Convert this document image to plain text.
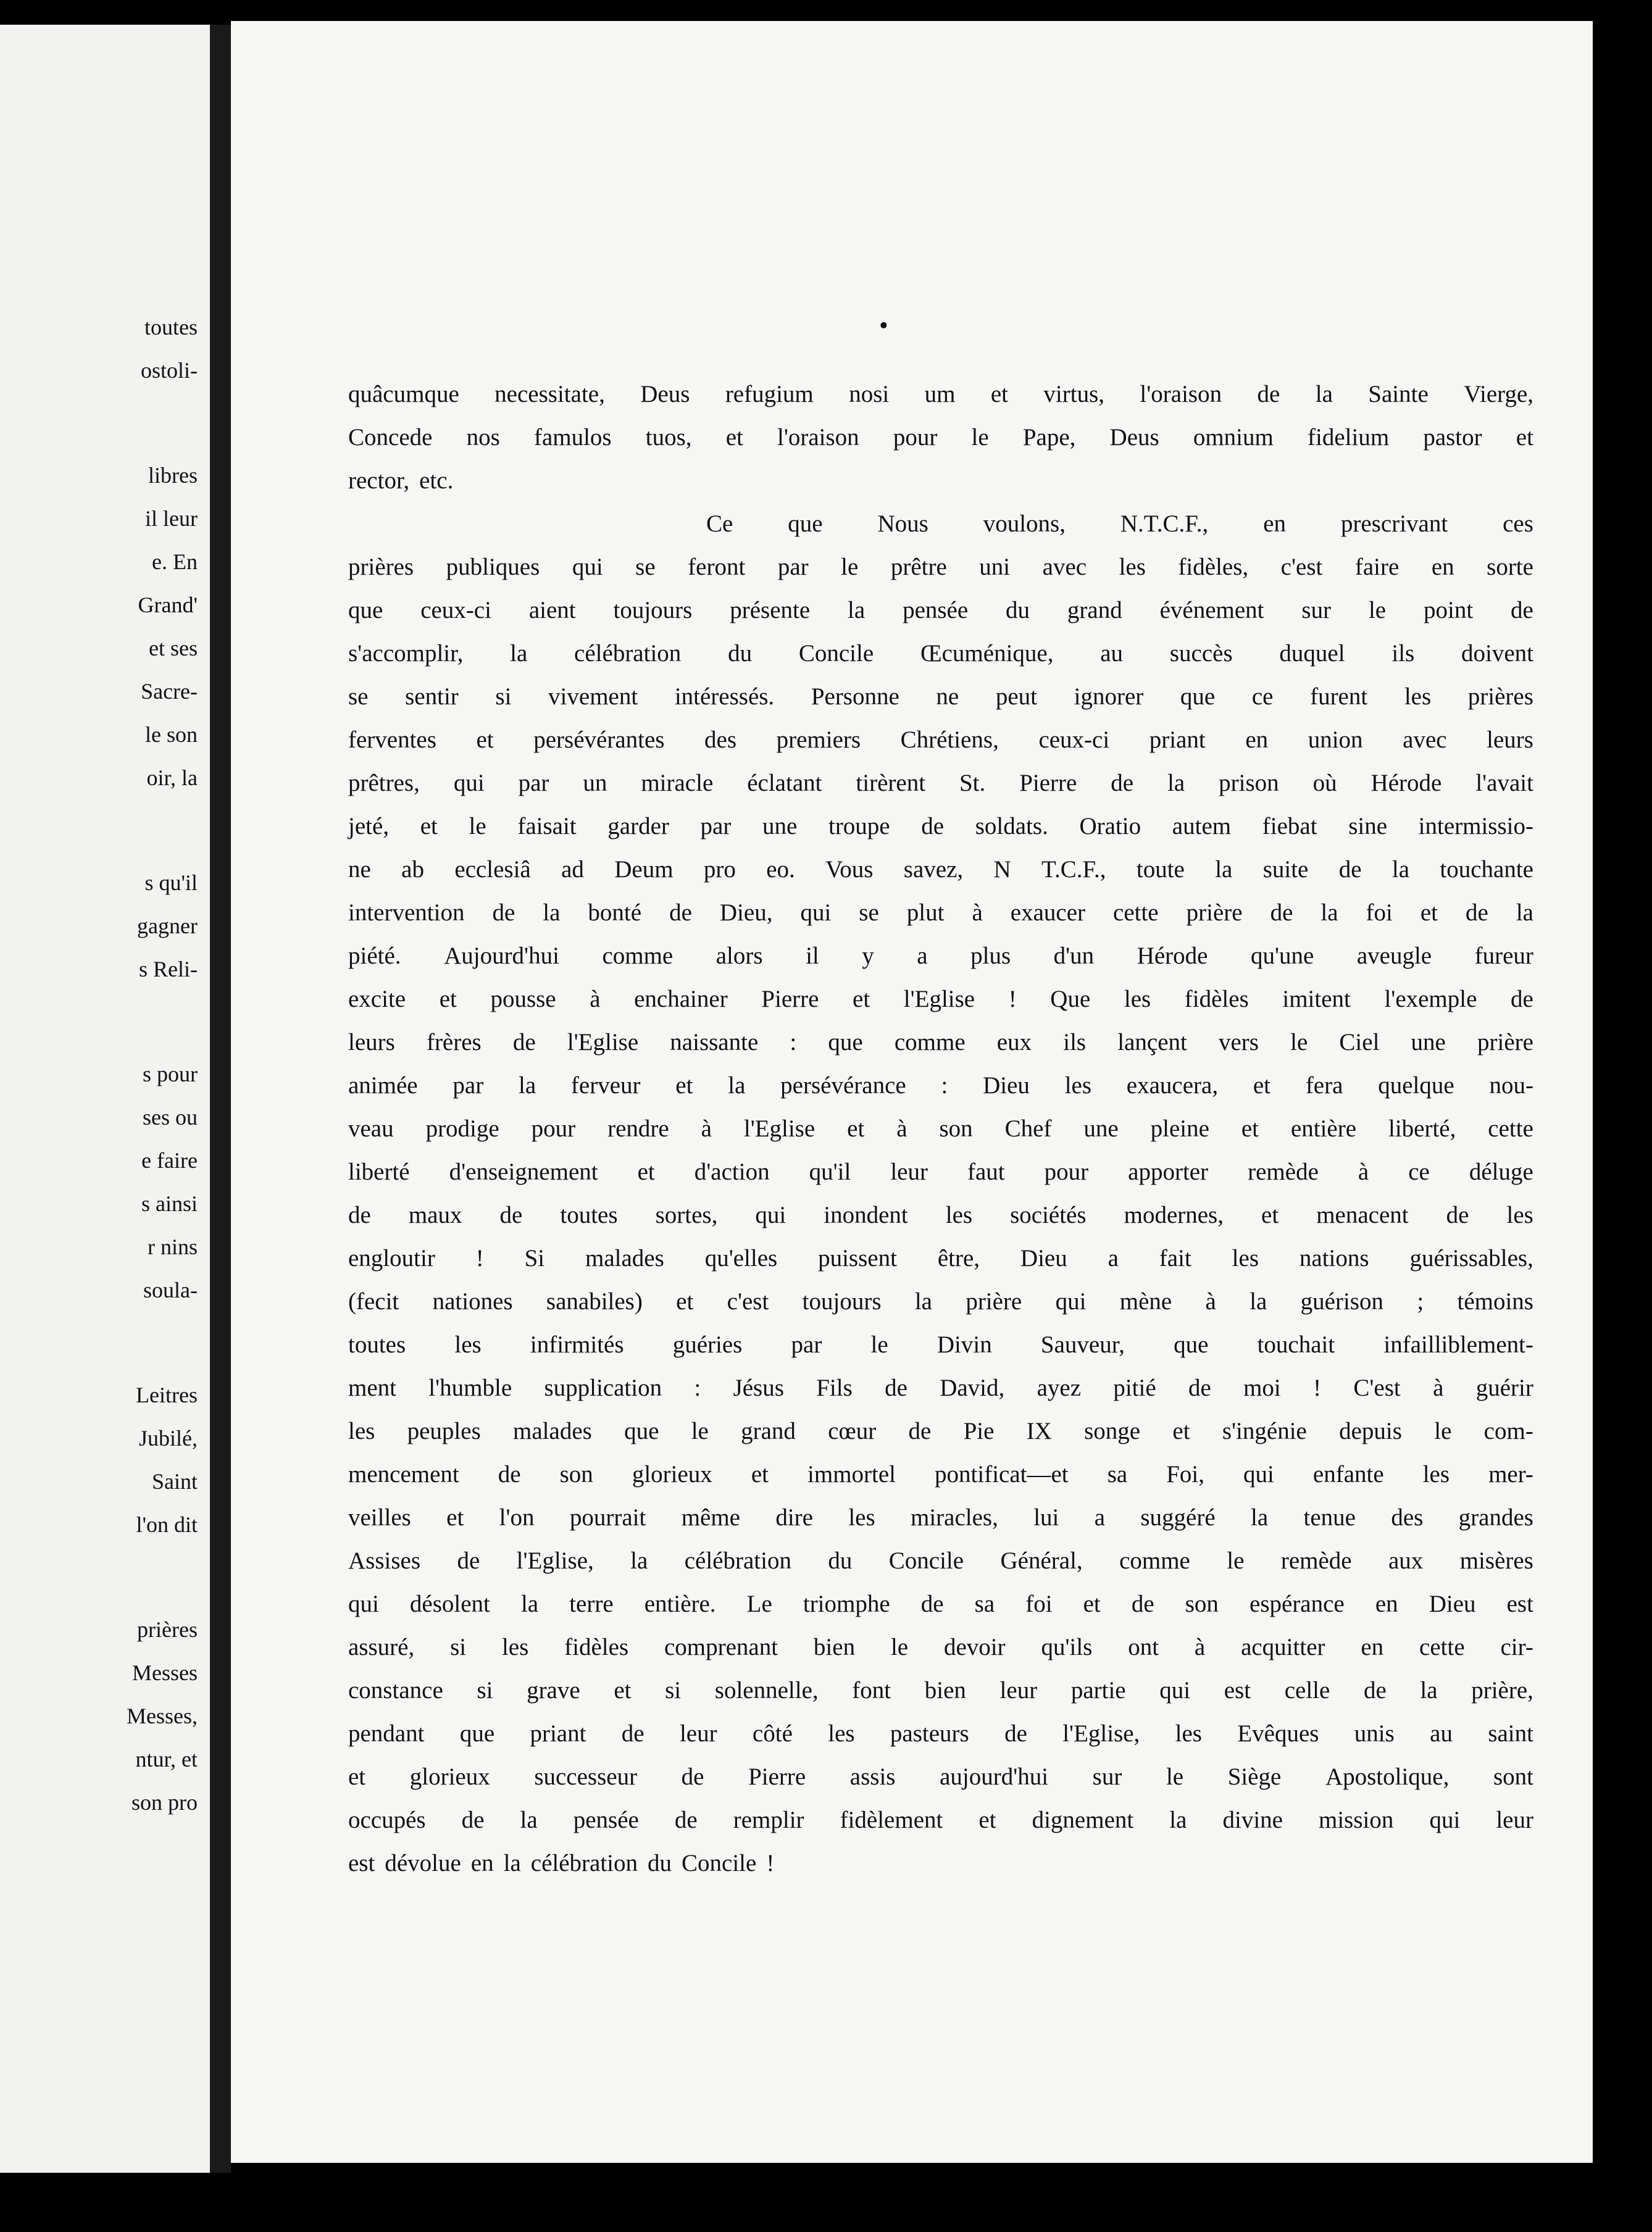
toutes
ostoli-
libres
il leur
e. En
Grand'
et ses
Sacre-
le son
oir, la
s qu'il
gagner
s Reli-
s pour
ses ou
e faire
s ainsi
r nins
soula-
Leitres
Jubilé,
Saint
l'on dit
prières
Messes
Messes,
ntur, et
son pro
•
quâcumque necessitate, Deus refugium nosi um et virtus, l'oraison de la Sainte Vierge,
Concede nos famulos tuos, et l'oraison pour le Pape, Deus omnium fidelium pastor et
rector, etc.
Ce que Nous voulons, N.T.C.F., en prescrivant ces
prières publiques qui se feront par le prêtre uni avec les fidèles, c'est faire en sorte
que ceux-ci aient toujours présente la pensée du grand événement sur le point de
s'accomplir, la célébration du Concile Œcuménique, au succès duquel ils doivent
se sentir si vivement intéressés. Personne ne peut ignorer que ce furent les prières
ferventes et persévérantes des premiers Chrétiens, ceux-ci priant en union avec leurs
prêtres, qui par un miracle éclatant tirèrent St. Pierre de la prison où Hérode l'avait
jeté, et le faisait garder par une troupe de soldats. Oratio autem fiebat sine intermissio-
ne ab ecclesiâ ad Deum pro eo. Vous savez, N T.C.F., toute la suite de la touchante
intervention de la bonté de Dieu, qui se plut à exaucer cette prière de la foi et de la
piété. Aujourd'hui comme alors il y a plus d'un Hérode qu'une aveugle fureur
excite et pousse à enchainer Pierre et l'Eglise ! Que les fidèles imitent l'exemple de
leurs frères de l'Eglise naissante : que comme eux ils lançent vers le Ciel une prière
animée par la ferveur et la persévérance : Dieu les exaucera, et fera quelque nou-
veau prodige pour rendre à l'Eglise et à son Chef une pleine et entière liberté, cette
liberté d'enseignement et d'action qu'il leur faut pour apporter remède à ce déluge
de maux de toutes sortes, qui inondent les sociétés modernes, et menacent de les
engloutir ! Si malades qu'elles puissent être, Dieu a fait les nations guérissables,
(fecit nationes sanabiles) et c'est toujours la prière qui mène à la guérison ; témoins
toutes les infirmités guéries par le Divin Sauveur, que touchait infailliblement-
ment l'humble supplication : Jésus Fils de David, ayez pitié de moi ! C'est à guérir
les peuples malades que le grand cœur de Pie IX songe et s'ingénie depuis le com-
mencement de son glorieux et immortel pontificat—et sa Foi, qui enfante les mer-
veilles et l'on pourrait même dire les miracles, lui a suggéré la tenue des grandes
Assises de l'Eglise, la célébration du Concile Général, comme le remède aux misères
qui désolent la terre entière. Le triomphe de sa foi et de son espérance en Dieu est
assuré, si les fidèles comprenant bien le devoir qu'ils ont à acquitter en cette cir-
constance si grave et si solennelle, font bien leur partie qui est celle de la prière,
pendant que priant de leur côté les pasteurs de l'Eglise, les Evêques unis au saint
et glorieux successeur de Pierre assis aujourd'hui sur le Siège Apostolique, sont
occupés de la pensée de remplir fidèlement et dignement la divine mission qui leur
est dévolue en la célébration du Concile !
